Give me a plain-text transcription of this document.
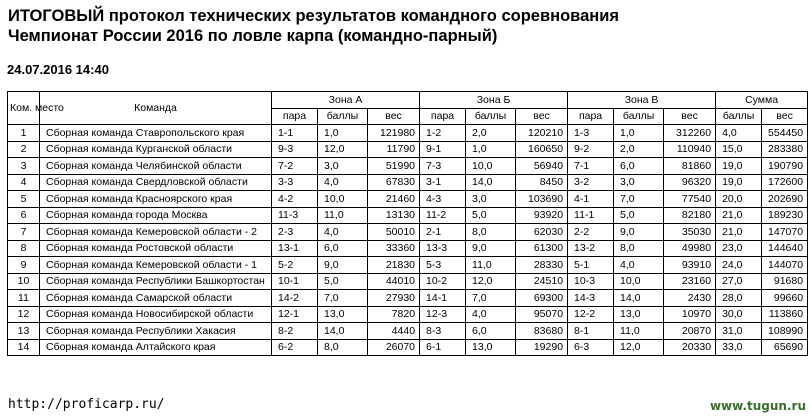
ИТОГОВЫЙ протокол технических результатов командного соревнования
Чемпионат России 2016 по ловле карпа (командно-парный)
24.07.2016 14:40
Ком. место	Команда	Зона А			Зона Б			Зона В			Сумма	
		пара	баллы	вес	пара	баллы	вес	пара	баллы	вес	баллы	вес
1	Сборная команда Ставропольского края	1-1	1,0	121980	1-2	2,0	120210	1-3	1,0	312260	4,0	554450
2	Сборная команда Курганской области	9-3	12,0	11790	9-1	1,0	160650	9-2	2,0	110940	15,0	283380
3	Сборная команда Челябинской области	7-2	3,0	51990	7-3	10,0	56940	7-1	6,0	81860	19,0	190790
4	Сборная команда Свердловской области	3-3	4,0	67830	3-1	14,0	8450	3-2	3,0	96320	19,0	172600
5	Сборная команда Красноярского края	4-2	10,0	21460	4-3	3,0	103690	4-1	7,0	77540	20,0	202690
6	Сборная команда города Москва	11-3	11,0	13130	11-2	5,0	93920	11-1	5,0	82180	21,0	189230
7	Сборная команда Кемеровской области - 2	2-3	4,0	50010	2-1	8,0	62030	2-2	9,0	35030	21,0	147070
8	Сборная команда Ростовской области	13-1	6,0	33360	13-3	9,0	61300	13-2	8,0	49980	23,0	144640
9	Сборная команда Кемеровской области - 1	5-2	9,0	21830	5-3	11,0	28330	5-1	4,0	93910	24,0	144070
10	Сборная команда Республики Башкортостан	10-1	5,0	44010	10-2	12,0	24510	10-3	10,0	23160	27,0	91680
11	Сборная команда Самарской области	14-2	7,0	27930	14-1	7,0	69300	14-3	14,0	2430	28,0	99660
12	Сборная команда Новосибирской области	12-1	13,0	7820	12-3	4,0	95070	12-2	13,0	10970	30,0	113860
13	Сборная команда Республики Хакасия	8-2	14,0	4440	8-3	6,0	83680	8-1	11,0	20870	31,0	108990
14	Сборная команда Алтайского края	6-2	8,0	26070	6-1	13,0	19290	6-3	12,0	20330	33,0	65690
http://proficarp.ru/	www.tugun.ru
